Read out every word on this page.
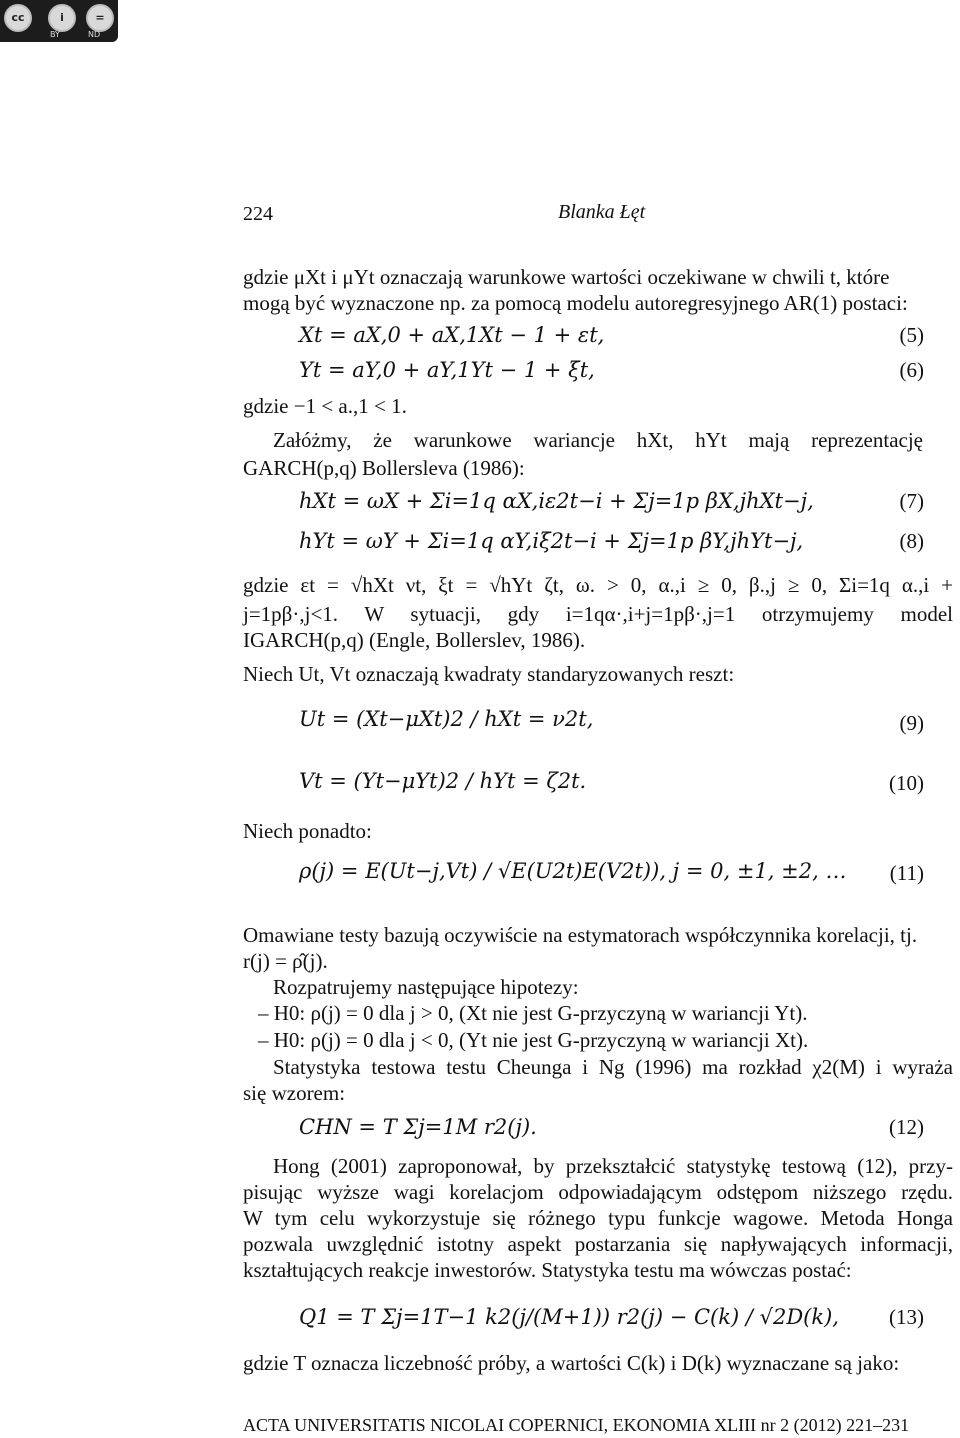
cc	i	=
BY	ND
224	Blanka Łęt
gdzie μXt i μYt oznaczają warunkowe wartości oczekiwane w chwili t, które
mogą być wyznaczone np. za pomocą modelu autoregresyjnego AR(1) postaci:
Xt = aX,0 + aX,1Xt − 1 + εt,	(5)
Yt = aY,0 + aY,1Yt − 1 + ξt,	(6)
gdzie −1 < a.,1 < 1.
Załóżmy, że warunkowe wariancje hXt, hYt mają reprezentację
GARCH(p,q) Bollersleva (1986):
hXt = ωX + Σi=1q αX,iε2t−i + Σj=1p βX,jhXt−j,	(7)
hYt = ωY + Σi=1q αY,iξ2t−i + Σj=1p βY,jhYt−j,	(8)
gdzie εt = √hXt νt, ξt = √hYt ζt, ω. > 0, α.,i ≥ 0, β.,j ≥ 0, Σi=1q α.,i +
j=1pβ·,j<1. W sytuacji, gdy i=1qα·,i+j=1pβ·,j=1 otrzymujemy model
IGARCH(p,q) (Engle, Bollerslev, 1986).
Niech Ut, Vt oznaczają kwadraty standaryzowanych reszt:
Ut = (Xt−μXt)2 / hXt = ν2t,	(9)
Vt = (Yt−μYt)2 / hYt = ζ2t.	(10)
Niech ponadto:
ρ(j) = E(Ut−j,Vt) / √E(U2t)E(V2t)), j = 0, ±1, ±2, … (11)
Omawiane testy bazują oczywiście na estymatorach współczynnika korelacji, tj.
r(j) = ρ̂(j).
Rozpatrujemy następujące hipotezy:
– H0: ρ(j) = 0 dla j > 0, (Xt nie jest G-przyczyną w wariancji Yt).
– H0: ρ(j) = 0 dla j < 0, (Yt nie jest G-przyczyną w wariancji Xt).
Statystyka testowa testu Cheunga i Ng (1996) ma rozkład χ2(M) i wyraża
się wzorem:
CHN = T Σj=1M r2(j).	(12)
Hong (2001) zaproponował, by przekształcić statystykę testową (12), przy-
pisując wyższe wagi korelacjom odpowiadającym odstępom niższego rzędu.
W tym celu wykorzystuje się różnego typu funkcje wagowe. Metoda Honga
pozwala uwzględnić istotny aspekt postarzania się napływających informacji,
kształtujących reakcje inwestorów. Statystyka testu ma wówczas postać:
Q1 = T Σj=1T−1 k2(j/(M+1)) r2(j) − C(k) / √2D(k), (13)
gdzie T oznacza liczebność próby, a wartości C(k) i D(k) wyznaczane są jako:
ACTA UNIVERSITATIS NICOLAI COPERNICI, EKONOMIA XLIII nr 2 (2012) 221–231
